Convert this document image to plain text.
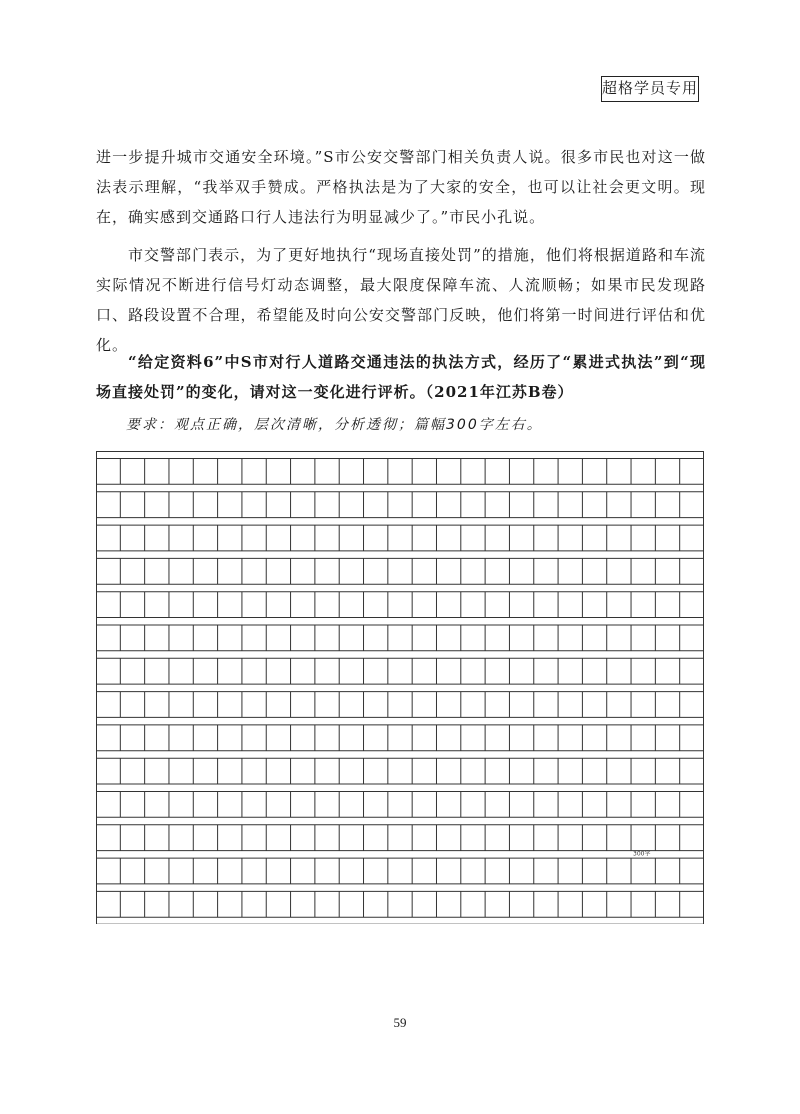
超格学员专用

进一步提升城市交通安全环境。”S市公安交警部门相关负责人说。很多市民也对这一做法表示理解，“我举双手赞成。严格执法是为了大家的安全，也可以让社会更文明。现在，确实感到交通路口行人违法行为明显减少了。”市民小孔说。

市交警部门表示，为了更好地执行“现场直接处罚”的措施，他们将根据道路和车流实际情况不断进行信号灯动态调整，最大限度保障车流、人流顺畅；如果市民发现路口、路段设置不合理，希望能及时向公安交警部门反映，他们将第一时间进行评估和优化。

“给定资料6”中S市对行人道路交通违法的执法方式，经历了“累进式执法”到“现场直接处罚”的变化，请对这一变化进行评析。（2021年江苏B卷）

要求：观点正确，层次清晰，分析透彻；篇幅300字左右。

300字
59
